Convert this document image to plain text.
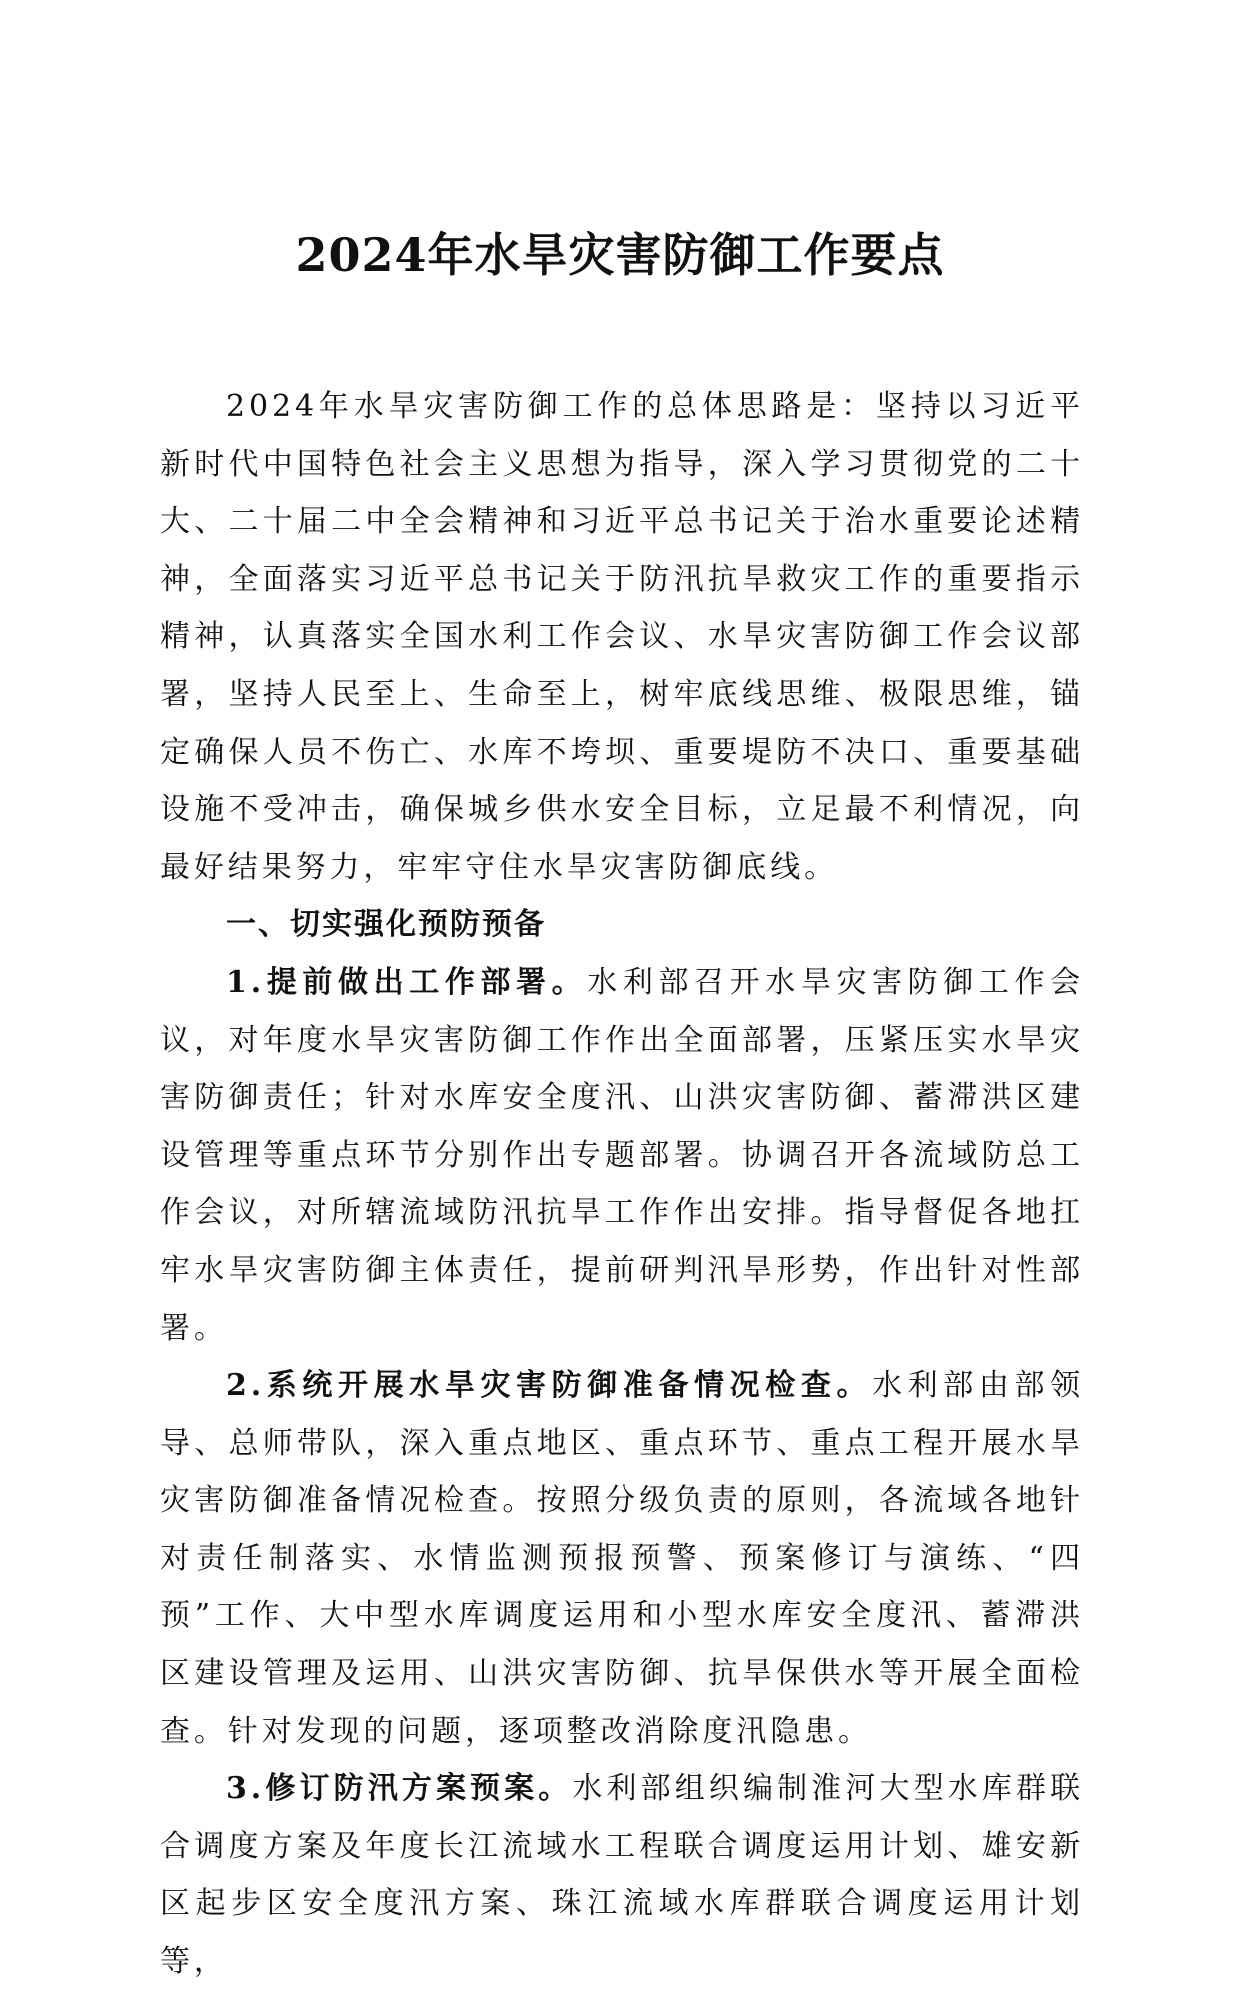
2024年水旱灾害防御工作要点

2024年水旱灾害防御工作的总体思路是：坚持以习近平新时代中国特色社会主义思想为指导，深入学习贯彻党的二十大、二十届二中全会精神和习近平总书记关于治水重要论述精神，全面落实习近平总书记关于防汛抗旱救灾工作的重要指示精神，认真落实全国水利工作会议、水旱灾害防御工作会议部署，坚持人民至上、生命至上，树牢底线思维、极限思维，锚定确保人员不伤亡、水库不垮坝、重要堤防不决口、重要基础设施不受冲击，确保城乡供水安全目标，立足最不利情况，向最好结果努力，牢牢守住水旱灾害防御底线。

一、切实强化预防预备

1.提前做出工作部署。水利部召开水旱灾害防御工作会议，对年度水旱灾害防御工作作出全面部署，压紧压实水旱灾害防御责任；针对水库安全度汛、山洪灾害防御、蓄滞洪区建设管理等重点环节分别作出专题部署。协调召开各流域防总工作会议，对所辖流域防汛抗旱工作作出安排。指导督促各地扛牢水旱灾害防御主体责任，提前研判汛旱形势，作出针对性部署。

2.系统开展水旱灾害防御准备情况检查。水利部由部领导、总师带队，深入重点地区、重点环节、重点工程开展水旱灾害防御准备情况检查。按照分级负责的原则，各流域各地针对责任制落实、水情监测预报预警、预案修订与演练、“四预”工作、大中型水库调度运用和小型水库安全度汛、蓄滞洪区建设管理及运用、山洪灾害防御、抗旱保供水等开展全面检查。针对发现的问题，逐项整改消除度汛隐患。

3.修订防汛方案预案。水利部组织编制淮河大型水库群联合调度方案及年度长江流域水工程联合调度运用计划、雄安新区起步区安全度汛方案、珠江流域水库群联合调度运用计划等，
